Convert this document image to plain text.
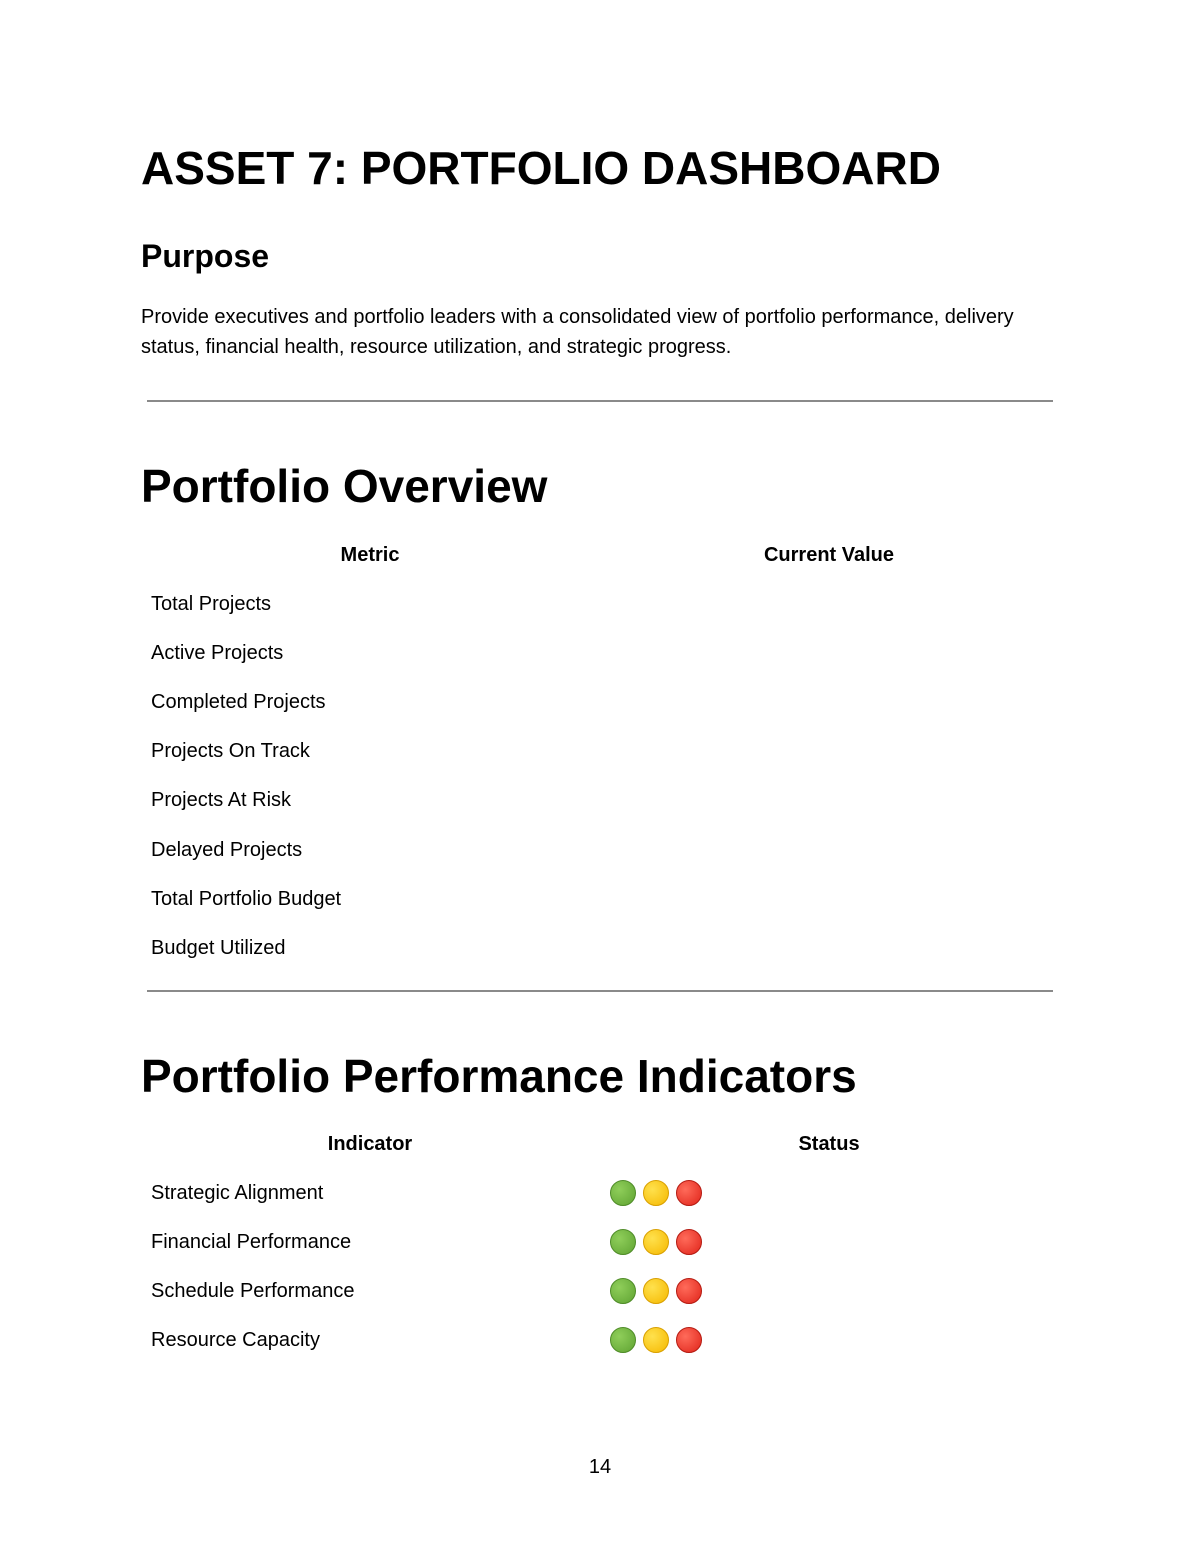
ASSET 7: PORTFOLIO DASHBOARD
Purpose

Provide executives and portfolio leaders with a consolidated view of portfolio performance, delivery status, financial health, resource utilization, and strategic progress.

Portfolio Overview
Metric	Current Value
Total Projects
Active Projects
Completed Projects
Projects On Track
Projects At Risk
Delayed Projects
Total Portfolio Budget
Budget Utilized
Portfolio Performance Indicators
Indicator	Status
Strategic Alignment
Financial Performance
Schedule Performance
Resource Capacity
14
